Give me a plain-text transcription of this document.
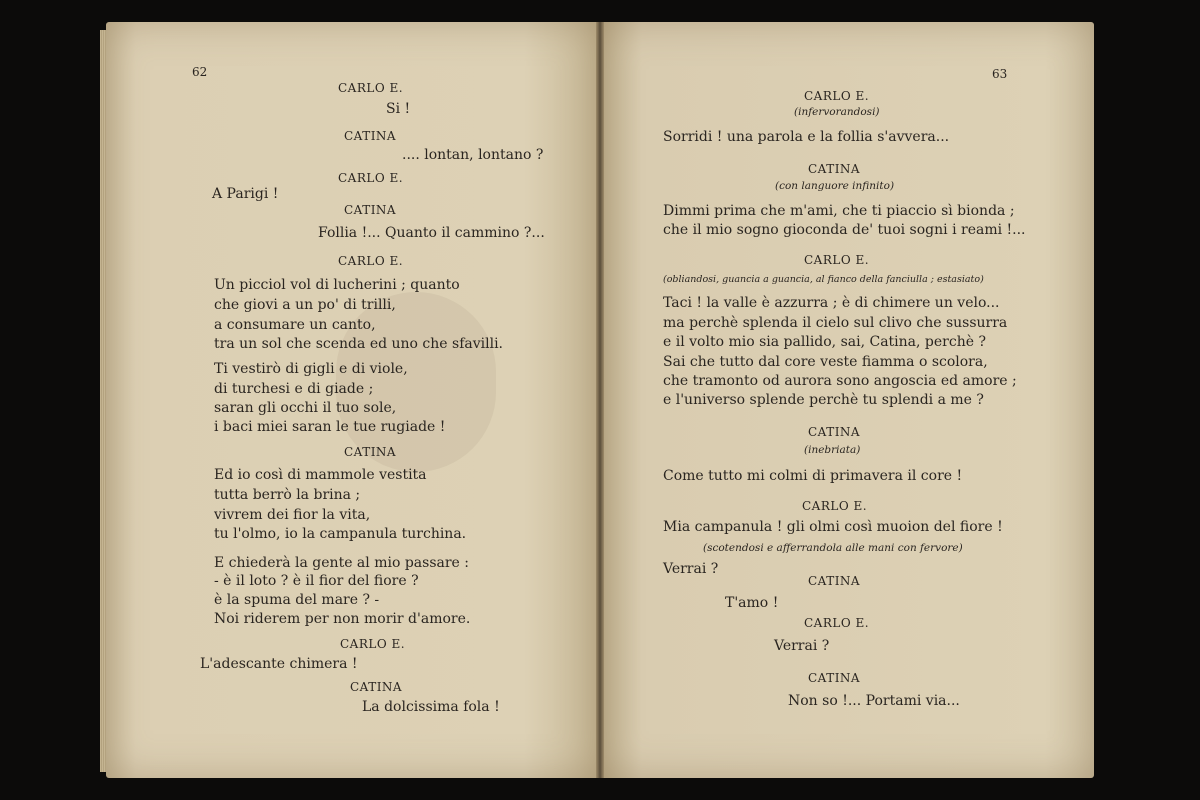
62
CARLO E.
Si !
CATINA
.... lontan, lontano ?
CARLO E.
A Parigi !
CATINA
Follia !... Quanto il cammino ?...
CARLO E.
Un picciol vol di lucherini ; quanto
che giovi a un po' di trilli,
a consumare un canto,
tra un sol che scenda ed uno che sfavilli.
Ti vestirò di gigli e di viole,
di turchesi e di giade ;
saran gli occhi il tuo sole,
i baci miei saran le tue rugiade !
CATINA
Ed io così di mammole vestita
tutta berrò la brina ;
vivrem dei fior la vita,
tu l'olmo, io la campanula turchina.
E chiederà la gente al mio passare :
- è il loto ? è il fior del fiore ?
è la spuma del mare ? -
Noi riderem per non morir d'amore.
CARLO E.
L'adescante chimera !
CATINA
La dolcissima fola !
63
CARLO E.
(infervorandosi)
Sorridi ! una parola e la follia s'avvera...
CATINA
(con languore infinito)
Dimmi prima che m'ami, che ti piaccio sì bionda ;
che il mio sogno gioconda de' tuoi sogni i reami !...
CARLO E.
(obliandosi, guancia a guancia, al fianco della fanciulla ; estasiato)
Taci ! la valle è azzurra ; è di chimere un velo...
ma perchè splenda il cielo sul clivo che sussurra
e il volto mio sia pallido, sai, Catina, perchè ?
Sai che tutto dal core veste fiamma o scolora,
che tramonto od aurora sono angoscia ed amore ;
e l'universo splende perchè tu splendi a me ?
CATINA
(inebriata)
Come tutto mi colmi di primavera il core !
CARLO E.
Mia campanula ! gli olmi così muoion del fiore !
(scotendosi e afferrandola alle mani con fervore)
Verrai ?
CATINA
T'amo !
CARLO E.
Verrai ?
CATINA
Non so !... Portami via...
